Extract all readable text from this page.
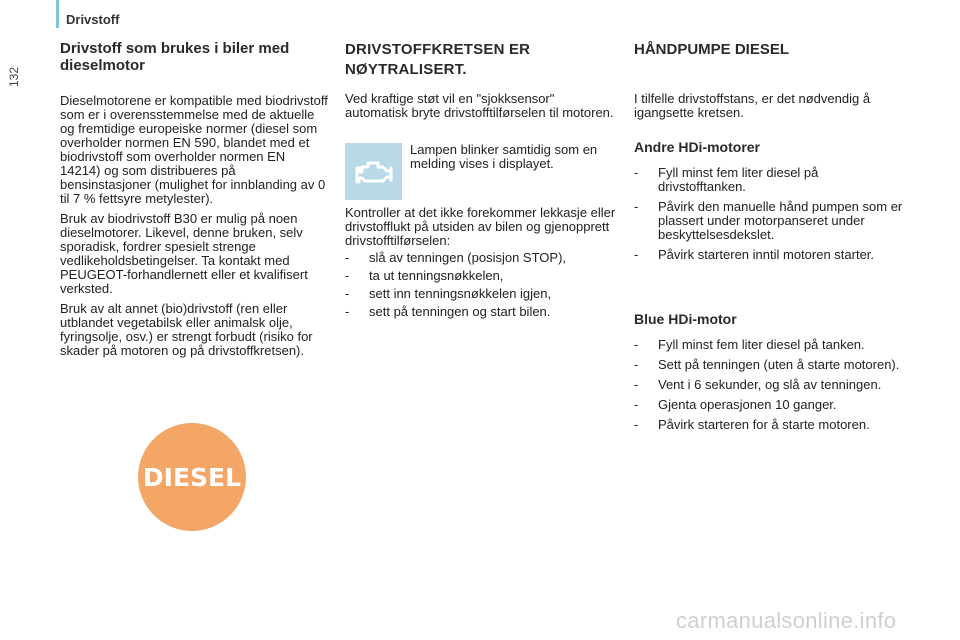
Drivstoff
132
Drivstoff som brukes i biler med dieselmotor

Dieselmotorene er kompatible med biodrivstoff som er i overensstemmelse med de aktuelle og fremtidige europeiske normer (diesel som overholder normen EN 590, blandet med et biodrivstoff som overholder normen EN 14214) og som distribueres på bensinstasjoner (mulighet for innblanding av 0 til 7 % fettsyre metylester).

Bruk av biodrivstoff B30 er mulig på noen dieselmotorer. Likevel, denne bruken, selv sporadisk, fordrer spesielt strenge vedlikeholdsbetingelser. Ta kontakt med PEUGEOT-forhandlernett eller et kvalifisert verksted.

Bruk av alt annet (bio)drivstoff (ren eller utblandet vegetabilsk eller animalsk olje, fyringsolje, osv.) er strengt forbudt (risiko for skader på motoren og på drivstoffkretsen).

DIESEL
DRIVSTOFFKRETSEN ER NØYTRALISERT.

Ved kraftige støt vil en "sjokksensor" automatisk bryte drivstofftilførselen til motoren.

Kontroller at det ikke forekommer lekkasje eller drivstofflukt på utsiden av bilen og gjenopprett drivstofftilførselen:

- slå av tenningen (posisjon STOP),
- ta ut tenningsnøkkelen,
- sett inn tenningsnøkkelen igjen,
- sett på tenningen og start bilen.
Lampen blinker samtidig som en melding vises i displayet.
HÅNDPUMPE DIESEL

I tilfelle drivstoffstans, er det nødvendig å igangsette kretsen.

Andre HDi-motorer
- Fyll minst fem liter diesel på drivstofftanken.
- Påvirk den manuelle hånd pumpen som er plassert under motorpanseret under beskyttelsesdekslet.
- Påvirk starteren inntil motoren starter.
Blue HDi-motor
- Fyll minst fem liter diesel på tanken.
- Sett på tenningen (uten å starte motoren).
- Vent i 6 sekunder, og slå av tenningen.
- Gjenta operasjonen 10 ganger.
- Påvirk starteren for å starte motoren.
carmanualsonline.info
